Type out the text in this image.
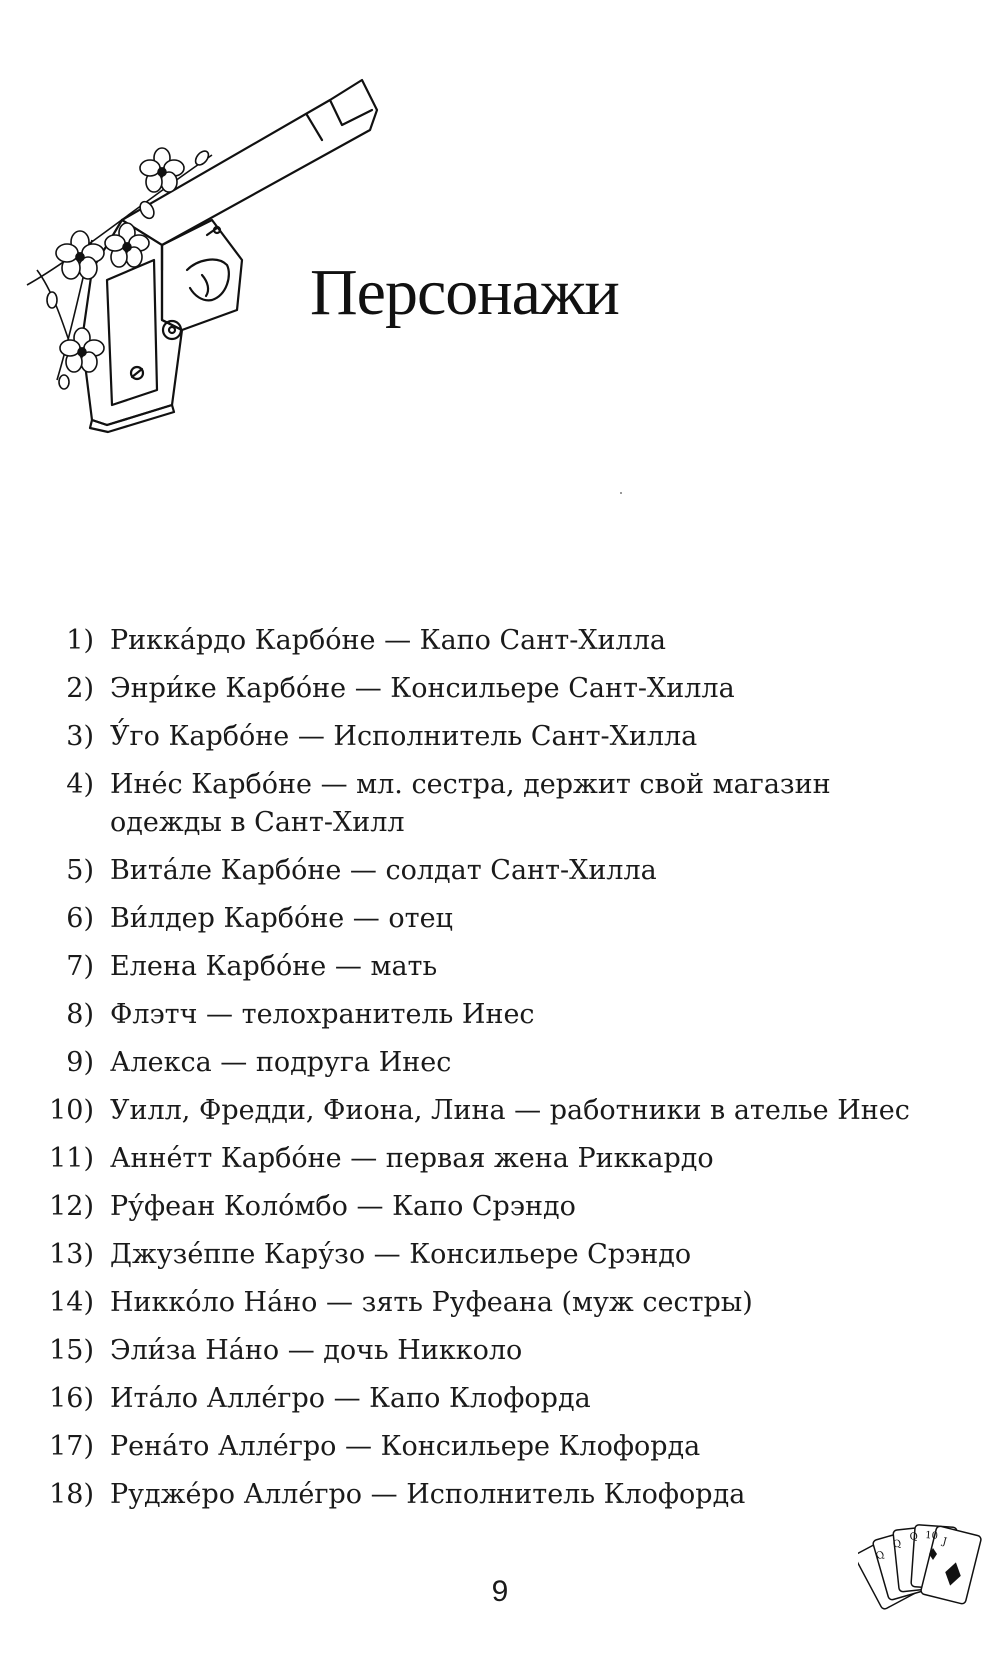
Персонажи
1) Рикка́рдо Карбо́не — Капо Сант-Хилла
2) Энри́ке Карбо́не — Консильере Сант-Хилла
3) У́го Карбо́не — Исполнитель Сант-Хилла
4) Ине́с Карбо́не — мл. сестра, держит свой магазин одежды в Сант-Хилл
5) Вита́ле Карбо́не — солдат Сант-Хилла
6) Ви́лдер Карбо́не — отец
7) Елена Карбо́не — мать
8) Флэтч — телохранитель Инес
9) Алекса — подруга Инес
10) Уилл, Фредди, Фиона, Лина — работники в ателье Инес
11) Анне́тт Карбо́не — первая жена Риккардо
12) Ру́феан Коло́мбо — Капо Срэндо
13) Джузе́ппе Кару́зо — Консильере Срэндо
14) Никко́ло На́но — зять Руфеана (муж сестры)
15) Эли́за На́но — дочь Никколо
16) Ита́ло Алле́гро — Капо Клофорда
17) Рена́то Алле́гро — Консильере Клофорда
18) Руджéро Алле́гро — Исполнитель Клофорда
9
Q
Q
Q 10
J
